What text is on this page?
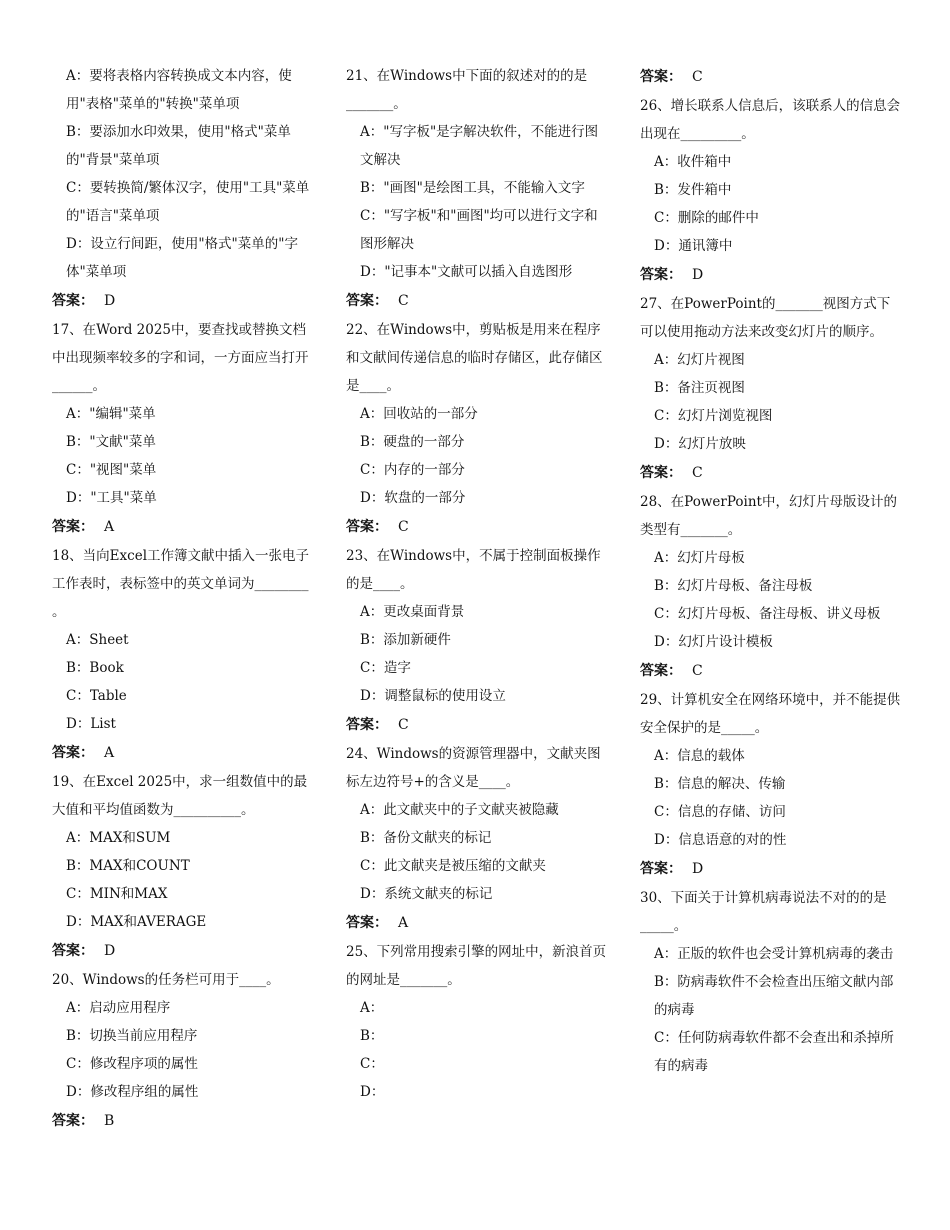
A：要将表格内容转换成文本内容，使用"表格"菜单的"转换"菜单项

B：要添加水印效果，使用"格式"菜单的"背景"菜单项

C：要转换简/繁体汉字，使用"工具"菜单的"语言"菜单项

D：设立行间距，使用"格式"菜单的"字体"菜单项

答案： D

17、在Word 2025中，要查找或替换文档中出现频率较多的字和词，一方面应当打开______。

A："编辑"菜单

B："文献"菜单

C："视图"菜单

D："工具"菜单

答案： A

18、当向Excel工作簿文献中插入一张电子工作表时，表标签中的英文单词为________ 。

A：Sheet

B：Book

C：Table

D：List

答案： A

19、在Excel 2025中，求一组数值中的最大值和平均值函数为__________。

A：MAX和SUM

B：MAX和COUNT

C：MIN和MAX

D：MAX和AVERAGE

答案： D

20、Windows的任务栏可用于____。

A：启动应用程序

B：切换当前应用程序

C：修改程序项的属性

D：修改程序组的属性

答案： B

21、在Windows中下面的叙述对的的是_______。

A："写字板"是字解决软件，不能进行图文解决

B："画图"是绘图工具，不能输入文字

C："写字板"和"画图"均可以进行文字和图形解决

D："记事本"文献可以插入自选图形

答案： C

22、在Windows中，剪贴板是用来在程序和文献间传递信息的临时存储区，此存储区是____。

A：回收站的一部分

B：硬盘的一部分

C：内存的一部分

D：软盘的一部分

答案： C

23、在Windows中，不属于控制面板操作的是____。

A：更改桌面背景

B：添加新硬件

C：造字

D：调整鼠标的使用设立

答案： C

24、Windows的资源管理器中，文献夹图标左边符号+的含义是____。

A：此文献夹中的子文献夹被隐藏

B：备份文献夹的标记

C：此文献夹是被压缩的文献夹

D：系统文献夹的标记

答案： A

25、下列常用搜索引擎的网址中，新浪首页的网址是_______。

A：

B：

C：

D：

答案： C

26、增长联系人信息后，该联系人的信息会出现在_________。

A：收件箱中

B：发件箱中

C：删除的邮件中

D：通讯簿中

答案： D

27、在PowerPoint的_______视图方式下可以使用拖动方法来改变幻灯片的顺序。

A：幻灯片视图

B：备注页视图

C：幻灯片浏览视图

D：幻灯片放映

答案： C

28、在PowerPoint中，幻灯片母版设计的类型有_______。

A：幻灯片母板

B：幻灯片母板、备注母板

C：幻灯片母板、备注母板、讲义母板

D：幻灯片设计模板

答案： C

29、计算机安全在网络环境中，并不能提供安全保护的是_____。

A：信息的载体

B：信息的解决、传输

C：信息的存储、访问

D：信息语意的对的性

答案： D

30、下面关于计算机病毒说法不对的的是_____。

A：正版的软件也会受计算机病毒的袭击

B：防病毒软件不会检查出压缩文献内部的病毒

C：任何防病毒软件都不会查出和杀掉所有的病毒
